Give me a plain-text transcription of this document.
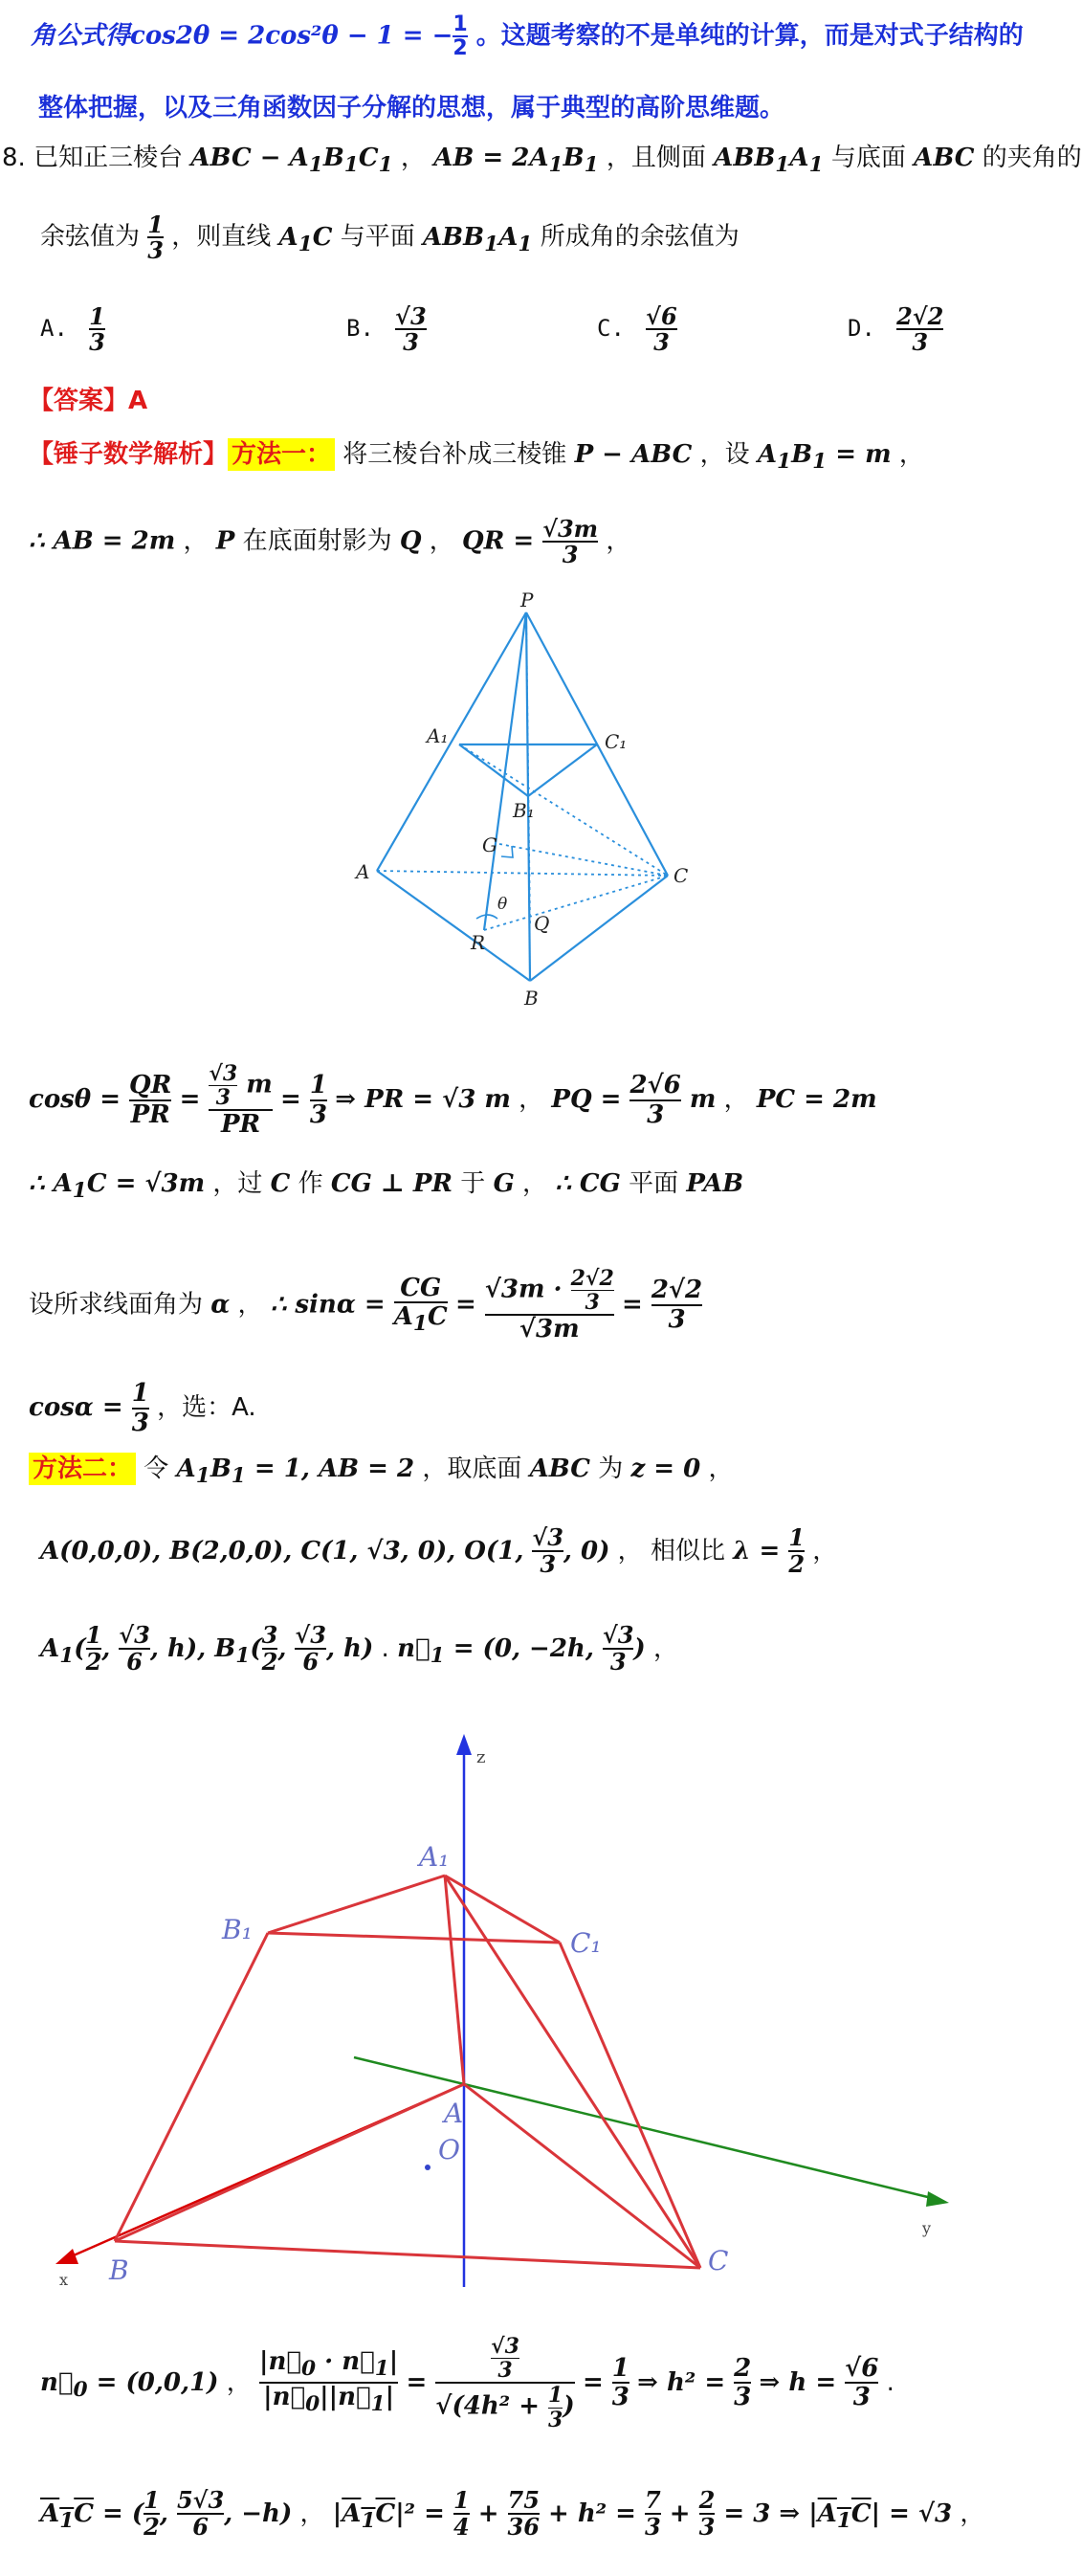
角公式得cos2θ = 2cos²θ − 1 = − $\frac{1}{2}$ 。这题考察的不是单纯的计算，而是对式子结构的
整体把握，以及三角函数因子分解的思想，属于典型的高阶思维题。
8. 已知正三棱台 ABC − $A_1B_1C_1$ ， AB = $2A_1B_1$ ，且侧面 $ABB_1A_1$ 与底面 ABC 的夹角的
余弦值为 $\frac{1}{3}$ ，则直线 $A_1C$ 与平面 $ABB_1A_1$ 所成角的余弦值为
A. $\frac{1}{3}$	B. $\frac{√3}{3}$	C. $\frac{√6}{3}$	D. $\frac{2√2}{3}$
【答案】A
【锤子数学解析】 方法一： 将三棱台补成三棱锥 P − ABC ，设 $A_1B_1 = m$ ，
∴ AB = 2m ， P 在底面射影为 Q ， QR = $\frac{√3m}{3}$ ，
P
A₁	C₁
B₁
G
A	C
θ
R
Q
B
$\cos\theta = \frac{QR}{PR} = \frac{\frac{√3}{3} m}{PR} = \frac{1}{3}$ ⇒ PR = √3 m ， PQ = $\frac{2√6}{3}$ m ， PC = 2m
∴ $A_1C = √3m$ ，过 C 作 CG ⊥ PR 于 G ， ∴ CG 平面 PAB
设所求线面角为 α ， ∴ $\sin\alpha = \frac{CG}{A_1C} = \frac{√3m \cdot \frac{2√2}{3}}{√3m} = \frac{2√2}{3}$
$\cos\alpha = \frac{1}{3}$ ，选：A.
方法二： 令 $A_1B_1 = 1$, AB = 2 ，取底面 ABC 为 z = 0 ，
A(0,0,0), B(2,0,0), C(1, √3, 0), O(1, $\frac{√3}{3}$ , 0) ， 相似比 $\lambda = \frac{1}{2}$ ，
$A_1( \frac{1}{2}$ , $\frac{√3}{6}$ , h), $B_1( \frac{3}{2}$ , $\frac{√3}{6}$ , h) . $n⃗_1 = (0$, −2h, $\frac{√3}{3}$ ) ，
z
y
x
A₁
B₁	C₁
A
O
B	C
$n⃗_0 = (0,0,1)$ ， $\frac{|n⃗_0 \cdot n⃗_1|}{|n⃗_0||n⃗_1|} = \frac{\frac{√3}{3}}{√(4h^2 + \frac{1}{3} )} = \frac{1}{3}$ ⇒ $h^2 = \frac{2}{3}$ ⇒ $h = \frac{√6}{3}$ .
$A_1C$ = ( $\frac{1}{2}$ , $\frac{5√3}{6}$ , −h) ， $|A_1C|^2 = \frac{1}{4} + \frac{75}{36} + h^2 = \frac{7}{3} + \frac{2}{3} = 3$ ⇒ $|A_1C| = √3$ ，
